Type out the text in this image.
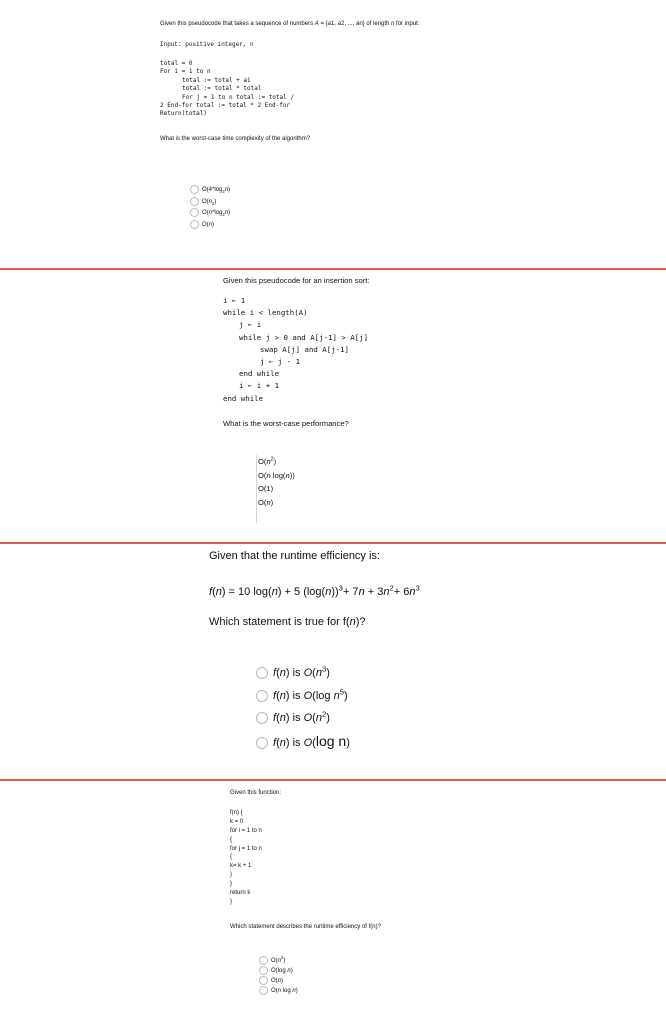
Given this pseudocode that takes a sequence of numbers A = {a1, a2, ..., an} of length n for input:
Input: positive integer, n
total = 0
For i = 1 to n
total := total + ai
total := total * total
For j = 1 to n total := total /
2 End-for total := total * 2 End-for
Return(total)
What is the worst-case time complexity of the algorithm?
$O(4*\log_2n)$
$O(n_2)$
$O(n*\log_2n)$
O(n)
Given this pseudocode for an insertion sort:
i ← 1
while i < length(A)
j ← i
while j > 0 and A[j-1] > A[j]
swap A[j] and A[j-1]
j ← j - 1
end while
i ← i + 1
end while
What is the worst-case performance?
$O(n^2)$
O(n log(n))
O(1)
O(n)
Given that the runtime efficiency is:
f(n) = 10 log(n) + 5 $(\log(n))^3+ 7n + 3n^2+ 6n^3$
Which statement is true for f(n)?
f(n) is $O(n^3)$
f(n) is O(log $n^5$)
f(n) is $O(n^2)$
f(n) is O(log n)
Given this function:
f(n) {
k = 0
for i = 1 to n
{
for j = 1 to n
{
k= k + 1
}
}
return k
}
Which statement describes the runtime efficiency of f(n)?
$O(n^2)$
O(log n)
O(n)
O(n log n)
